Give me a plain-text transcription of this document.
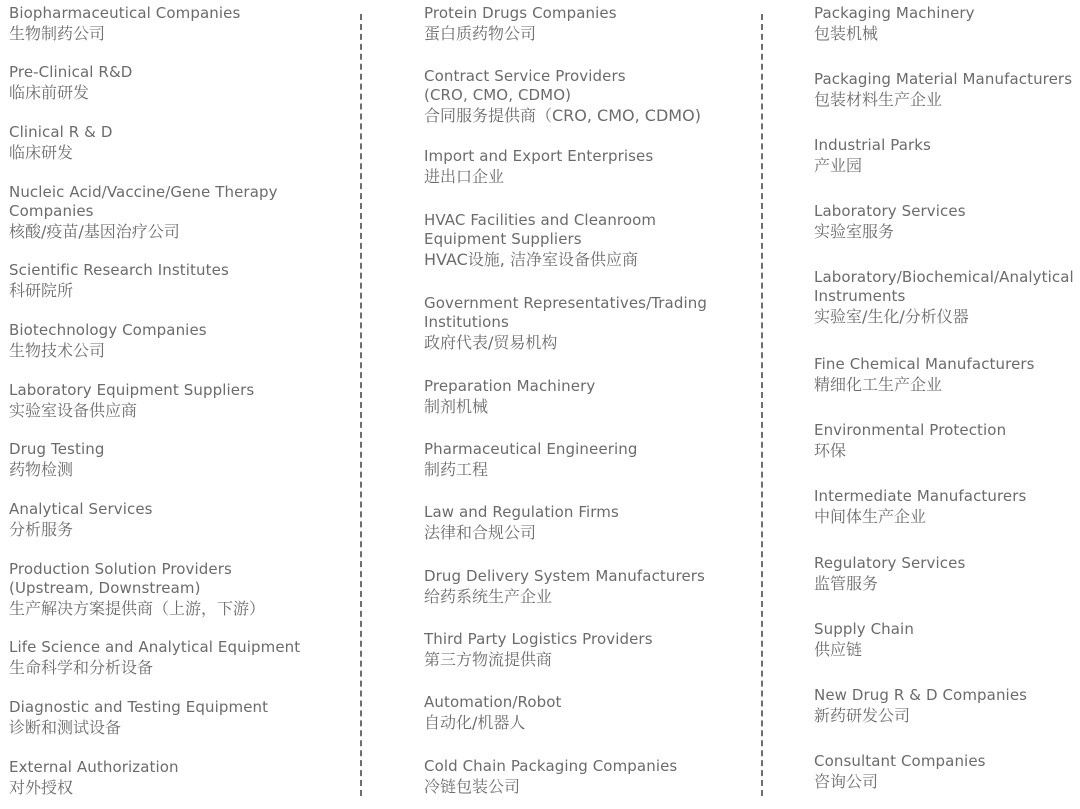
Biopharmaceutical Companies
生物制药公司
Pre-Clinical R&D
临床前研发
Clinical R & D
临床研发
Nucleic Acid/Vaccine/Gene Therapy
Companies
核酸/疫苗/基因治疗公司
Scientific Research Institutes
科研院所
Biotechnology Companies
生物技术公司
Laboratory Equipment Suppliers
实验室设备供应商
Drug Testing
药物检测
Analytical Services
分析服务
Production Solution Providers
(Upstream, Downstream)
生产解决方案提供商（上游，下游）
Life Science and Analytical Equipment
生命科学和分析设备
Diagnostic and Testing Equipment
诊断和测试设备
External Authorization
对外授权
Protein Drugs Companies
蛋白质药物公司
Contract Service Providers
(CRO, CMO, CDMO)
合同服务提供商（CRO, CMO, CDMO)
Import and Export Enterprises
进出口企业
HVAC Facilities and Cleanroom
Equipment Suppliers
HVAC设施, 洁净室设备供应商
Government Representatives/Trading
Institutions
政府代表/贸易机构
Preparation Machinery
制剂机械
Pharmaceutical Engineering
制药工程
Law and Regulation Firms
法律和合规公司
Drug Delivery System Manufacturers
给药系统生产企业
Third Party Logistics Providers
第三方物流提供商
Automation/Robot
自动化/机器人
Cold Chain Packaging Companies
冷链包装公司
Packaging Machinery
包装机械
Packaging Material Manufacturers
包装材料生产企业
Industrial Parks
产业园
Laboratory Services
实验室服务
Laboratory/Biochemical/Analytical
Instruments
实验室/生化/分析仪器
Fine Chemical Manufacturers
精细化工生产企业
Environmental Protection
环保
Intermediate Manufacturers
中间体生产企业
Regulatory Services
监管服务
Supply Chain
供应链
New Drug R & D Companies
新药研发公司
Consultant Companies
咨询公司
